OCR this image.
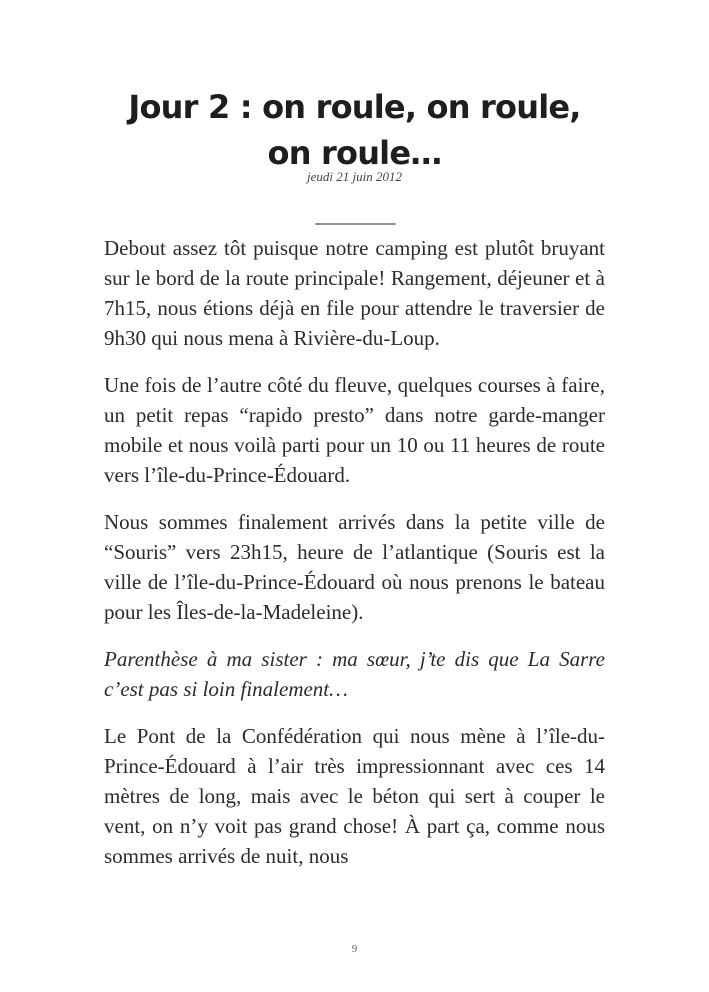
Jour 2 : on roule, on roule, on roule…
jeudi 21 juin 2012
________

Debout assez tôt puisque notre camping est plutôt bruyant sur le bord de la route principale! Rangement, déjeuner et à 7h15, nous étions déjà en file pour attendre le traversier de 9h30 qui nous mena à Rivière-du-Loup.

Une fois de l’autre côté du fleuve, quelques courses à faire, un petit repas “rapido presto” dans notre garde-manger mobile et nous voilà parti pour un 10 ou 11 heures de route vers l’île-du-Prince-Édouard.

Nous sommes finalement arrivés dans la petite ville de “Souris” vers 23h15, heure de l’atlantique (Souris est la ville de l’île-du-Prince-Édouard où nous prenons le bateau pour les Îles-de-la-Madeleine).

Parenthèse à ma sister : ma sœur, j’te dis que La Sarre c’est pas si loin finalement…

Le Pont de la Confédération qui nous mène à l’île-du-Prince-Édouard à l’air très impressionnant avec ces 14 mètres de long, mais avec le béton qui sert à couper le vent, on n’y voit pas grand chose! À part ça, comme nous sommes arrivés de nuit, nous

9
